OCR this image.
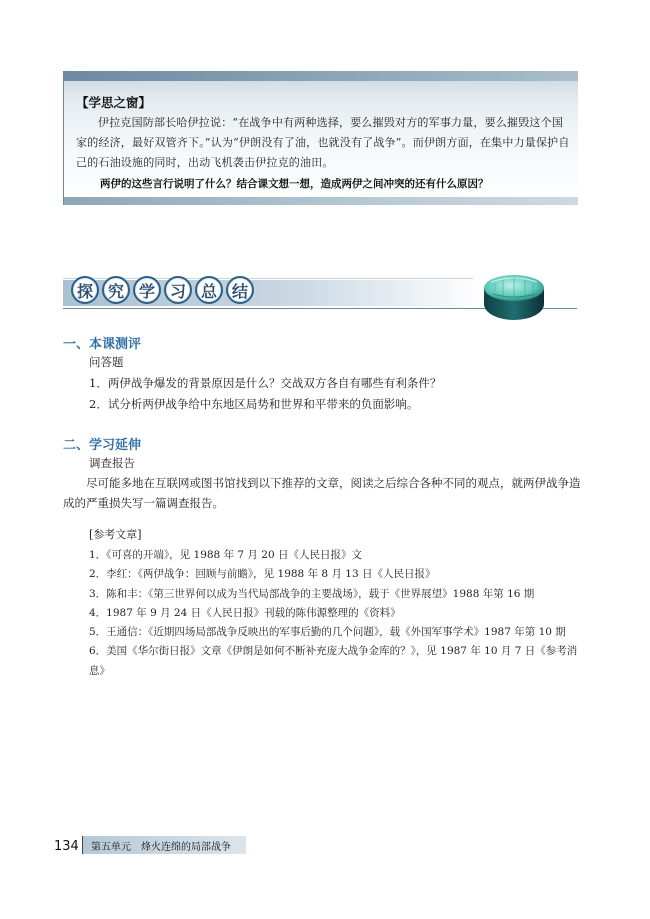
【学思之窗】
伊拉克国防部长哈伊拉说：“在战争中有两种选择，要么摧毁对方的军事力量，要么摧毁这个国家的经济，最好双管齐下。”认为“伊朗没有了油，也就没有了战争”。而伊朗方面，在集中力量保护自己的石油设施的同时，出动飞机袭击伊拉克的油田。
两伊的这些言行说明了什么？结合课文想一想，造成两伊之间冲突的还有什么原因？
探 究 学 习 总 结
一、本课测评
问答题
1．两伊战争爆发的背景原因是什么？交战双方各自有哪些有利条件？
2．试分析两伊战争给中东地区局势和世界和平带来的负面影响。
二、学习延伸
调查报告
尽可能多地在互联网或图书馆找到以下推荐的文章，阅读之后综合各种不同的观点，就两伊战争造成的严重损失写一篇调查报告。
[参考文章]
1．《可喜的开端》，见 1988 年 7 月 20 日《人民日报》文
2．李红：《两伊战争：回顾与前瞻》，见 1988 年 8 月 13 日《人民日报》
3．陈和丰：《第三世界何以成为当代局部战争的主要战场》，载于《世界展望》1988 年第 16 期
4．1987 年 9 月 24 日《人民日报》刊载的陈伟源整理的《资料》
5．王通信：《近期四场局部战争反映出的军事后勤的几个问题》，载《外国军事学术》1987 年第 10 期
6．美国《华尔街日报》文章《伊朗是如何不断补充庞大战争金库的？》，见 1987 年 10 月 7 日《参考消息》
134 第五单元　烽火连绵的局部战争
